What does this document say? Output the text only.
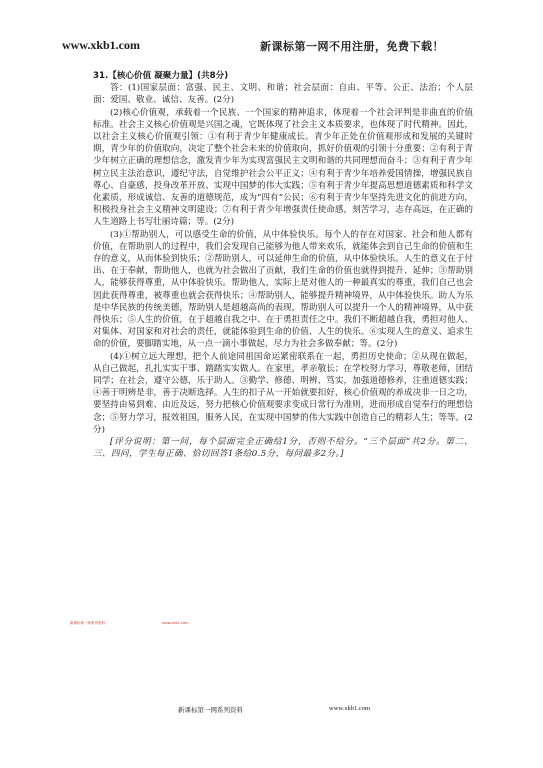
www.xkb1.com	新课标第一网不用注册，免费下载！

31.【核心价值 凝聚力量】(共8分)

答：(1)国家层面：富强、民主、文明、和谐；社会层面：自由、平等、公正、法治；个人层面：爱国、敬业、诚信、友善。(2分)

(2)核心价值观，承载着一个民族、一个国家的精神追求，体现着一个社会评判是非曲直的价值标准。社会主义核心价值观是兴国之魂，它既体现了社会主义本质要求，也体现了时代精神。因此，以社会主义核心价值观引领：①有利于青少年健康成长。青少年正处在价值观形成和发展的关键时期，青少年的价值取向，决定了整个社会未来的价值取向，抓好价值观的引领十分重要；②有利于青少年树立正确的理想信念，激发青少年为实现富强民主文明和谐的共同理想而奋斗；③有利于青少年树立民主法治意识，遵纪守法，自觉维护社会公平正义；④有利于青少年培养爱国情操，增强民族自尊心、自豪感，投身改革开放、实现中国梦的伟大实践；⑤有利于青少年提高思想道德素质和科学文化素质，形成诚信、友善的道德规范，成为“四有”公民；⑥有利于青少年坚持先进文化的前进方向，积极投身社会主义精神文明建设；⑦有利于青少年增强责任使命感，刻苦学习，志存高远，在正确的人生道路上书写壮丽诗篇；等。(2分)

(3)①帮助别人，可以感受生命的价值，从中体验快乐。每个人的存在对国家、社会和他人都有价值，在帮助别人的过程中，我们会发现自己能够为他人带来欢乐，就能体会到自己生命的价值和生存的意义，从而体验到快乐；②帮助别人，可以延伸生命的价值，从中体验快乐。人生的意义在于付出、在于奉献，帮助他人，也就为社会做出了贡献，我们生命的价值也就得到提升、延伸；③帮助别人，能够获得尊重，从中体验快乐。帮助他人，实际上是对他人的一种最真实的尊重，我们自己也会因此获得尊重，被尊重也就会获得快乐；④帮助别人，能够提升精神境界，从中体验快乐。助人为乐是中华民族的传统美德，帮助别人是超越高尚的表现，帮助别人可以提升一个人的精神境界，从中获得快乐；⑤人生的价值，在于超越自我之中、在于勇担责任之中。我们不断超越自我，勇担对他人、对集体、对国家和对社会的责任，就能体验到生命的价值、人生的快乐。⑥实现人生的意义、追求生命的价值，要脚踏实地，从一点一滴小事做起，尽力为社会多做奉献；等。(2分)

(4)①树立远大理想，把个人前途同祖国命运紧密联系在一起，勇担历史使命；②从现在做起，从自己做起，扎扎实实干事、踏踏实实做人。在家里，孝亲敬长；在学校努力学习，尊敬老师，团结同学；在社会，遵守公德，乐于助人。③勤学、修德、明辨、笃实，加强道德修养，注重道德实践；④善于明辨是非，善于决断选择。人生的扣子从一开始就要扣好，核心价值观的养成决非一日之功，要坚持由易到难、由近及远，努力把核心价值观要求变成日常行为准则，进而形成自觉奉行的理想信念；⑤努力学习，报效祖国，服务人民，在实现中国梦的伟大实践中创造自己的精彩人生；等等。(2分)

[评分说明：第一问，每个层面完全正确给1分，否则不给分。“三个层面”共2分。第二、三、四问，学生每正确、恰切回答1条给0.5分，每问最多2分。]

新课标第一网系列资料	www.xkb1.com
新课标第一网系列资料	www.xkb1.com
